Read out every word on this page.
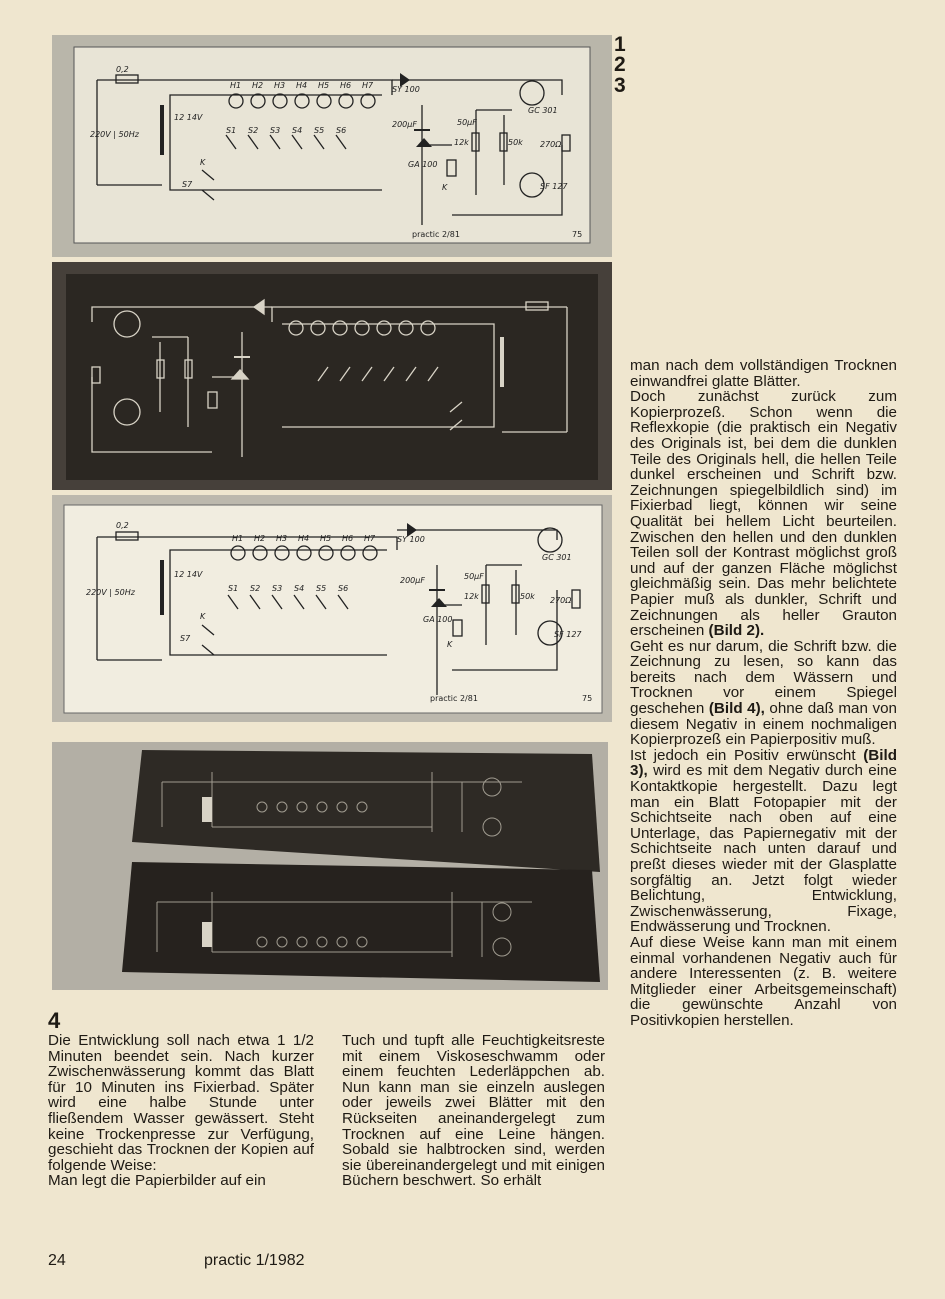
0,2
220V | 50Hz
12 14V
H1 H2 H3 H4 H5 H6 H7
S1 S2 S3 S4 S5 S6
S7
K
SY 100
GA 100
200µF	50µF
12k	50k 270Ω
K
GC 301
SF 127
practic 2/81	75
0,2
220V | 50Hz
12 14V
H1 H2 H3 H4 H5 H6 H7
S1 S2 S3 S4 S5 S6
S7
K
SY 100
GA 100
200µF	50µF
12k	50k 270Ω
K
GC 301
SF 127
practic 2/81	75
1
2
3
4

Die Entwicklung soll nach etwa 1 1/2 Minuten beendet sein. Nach kurzer Zwischenwässerung kommt das Blatt für 10 Minuten ins Fixierbad. Später wird eine halbe Stunde unter fließendem Wasser gewässert. Steht keine Trockenpresse zur Verfügung, geschieht das Trocknen der Kopien auf folgende Weise:

Man legt die Papierbilder auf ein

Tuch und tupft alle Feuchtigkeitsreste mit einem Viskoseschwamm oder einem feuchten Lederläppchen ab. Nun kann man sie einzeln auslegen oder jeweils zwei Blätter mit den Rückseiten aneinandergelegt zum Trocknen auf eine Leine hängen. Sobald sie halbtrocken sind, werden sie übereinandergelegt und mit einigen Büchern beschwert. So erhält

man nach dem vollständigen Trocknen einwandfrei glatte Blätter.

Doch zunächst zurück zum Kopierprozeß. Schon wenn die Reflexkopie (die praktisch ein Negativ des Originals ist, bei dem die dunklen Teile des Originals hell, die hellen Teile dunkel erscheinen und Schrift bzw. Zeichnungen spiegelbildlich sind) im Fixierbad liegt, können wir seine Qualität bei hellem Licht beurteilen. Zwischen den hellen und den dunklen Teilen soll der Kontrast möglichst groß und auf der ganzen Fläche möglichst gleichmäßig sein. Das mehr belichtete Papier muß als dunkler, Schrift und Zeichnungen als heller Grauton erscheinen (Bild 2).

Geht es nur darum, die Schrift bzw. die Zeichnung zu lesen, so kann das bereits nach dem Wässern und Trocknen vor einem Spiegel geschehen (Bild 4), ohne daß man von diesem Negativ in einem nochmaligen Kopierprozeß ein Papierpositiv muß.

Ist jedoch ein Positiv erwünscht (Bild 3), wird es mit dem Negativ durch eine Kontaktkopie hergestellt. Dazu legt man ein Blatt Fotopapier mit der Schichtseite nach oben auf eine Unterlage, das Papiernegativ mit der Schichtseite nach unten darauf und preßt dieses wieder mit der Glasplatte sorgfältig an. Jetzt folgt wieder Belichtung, Entwicklung, Zwischenwässerung, Fixage, Endwässerung und Trocknen.

Auf diese Weise kann man mit einem einmal vorhandenen Negativ auch für andere Interessenten (z. B. weitere Mitglieder einer Arbeitsgemeinschaft) die gewünschte Anzahl von Positivkopien herstellen.

24	practic 1/1982
